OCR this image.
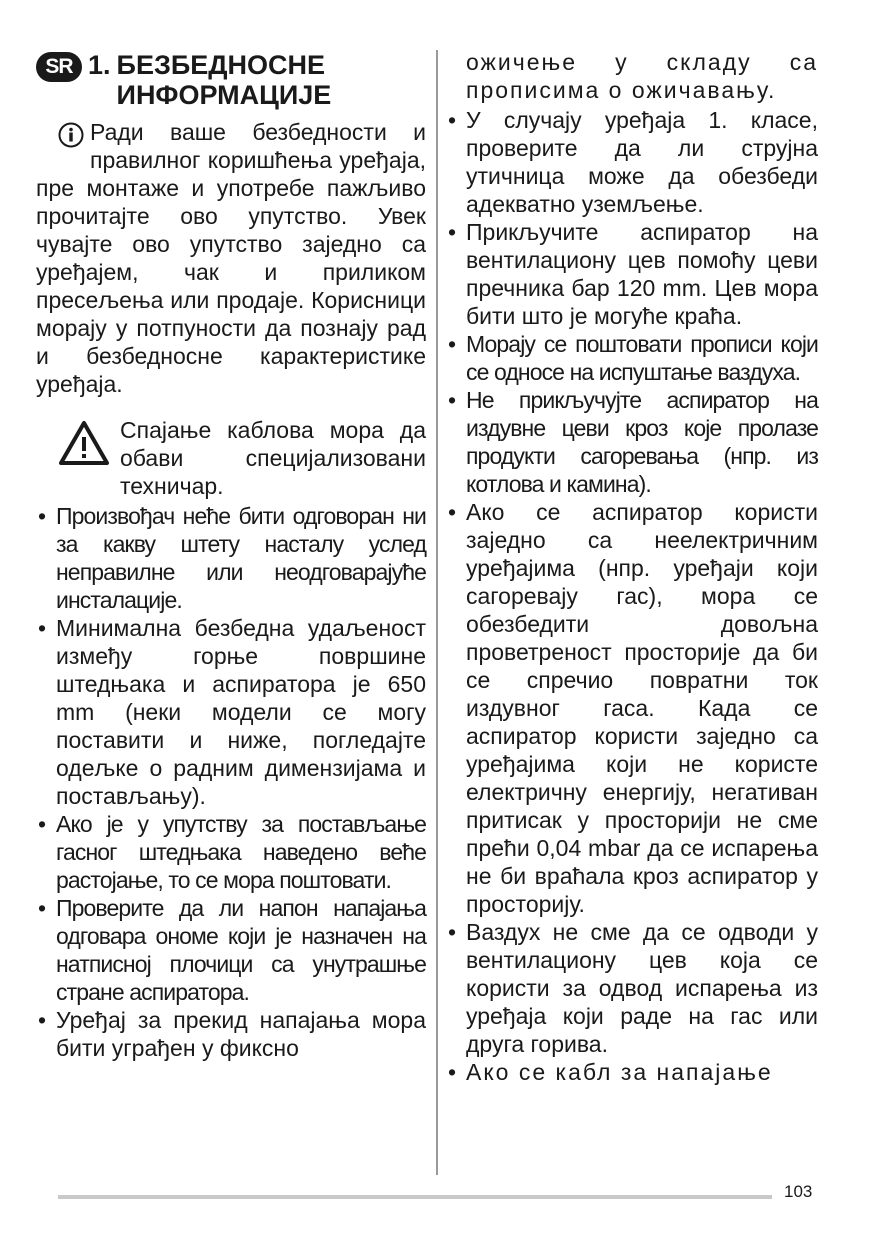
SR 1. БЕЗБЕДНОСНЕ ИНФОРМАЦИЈЕ

Ради ваше безбедности и правилног коришћења уређаја, пре монтаже и употребе пажљиво прочитајте ово упутство. Увек чувајте ово упутство заједно са уређајем, чак и приликом пресељења или продаје. Корисници морају у потпуности да познају рад и безбедносне карактеристике уређаја.

Спајање каблова мора да обави специјализовани техничар.

• Произвођач неће бити одговоран ни за какву штету насталу услед неправилне или неодговарајуће инсталације.
• Минимална безбедна удаљеност између горње површине штедњака и аспиратора је 650 mm (неки модели се могу поставити и ниже, погледајте одељке о радним димензијама и постављању).
• Ако је у упутству за постављање гасног штедњака наведено веће растојање, то се мора поштовати.
• Проверите да ли напон напајања одговара ономе који је назначен на натписној плочици са унутрашње стране аспиратора.
• Уређај за прекид напајања мора бити уграђен у фиксно

ожичење у складу са прописима о ожичавању.

• У случају уређаја 1. класе, проверите да ли струјна утичница може да обезбеди адекватно уземљење.
• Прикључите аспиратор на вентилациону цев помоћу цеви пречника бар 120 mm. Цев мора бити што је могуће краћа.
• Морају се поштовати прописи који се односе на испуштање ваздуха.
• Не прикључујте аспиратор на издувне цеви кроз које пролазе продукти сагоревања (нпр. из котлова и камина).
• Ако се аспиратор користи заједно са неелектричним уређајима (нпр. уређаји који сагоревају гас), мора се обезбедити довољна проветреност просторије да би се спречио повратни ток издувног гаса. Када се аспиратор користи заједно са уређајима који не користе електричну енергију, негативан притисак у просторији не сме прећи 0,04 mbar да се испарења не би враћала кроз аспиратор у просторију.
• Ваздух не сме да се одводи у вентилациону цев која се користи за одвод испарења из уређаја који раде на гас или друга горива.
• Ако се кабл за напајање
103
